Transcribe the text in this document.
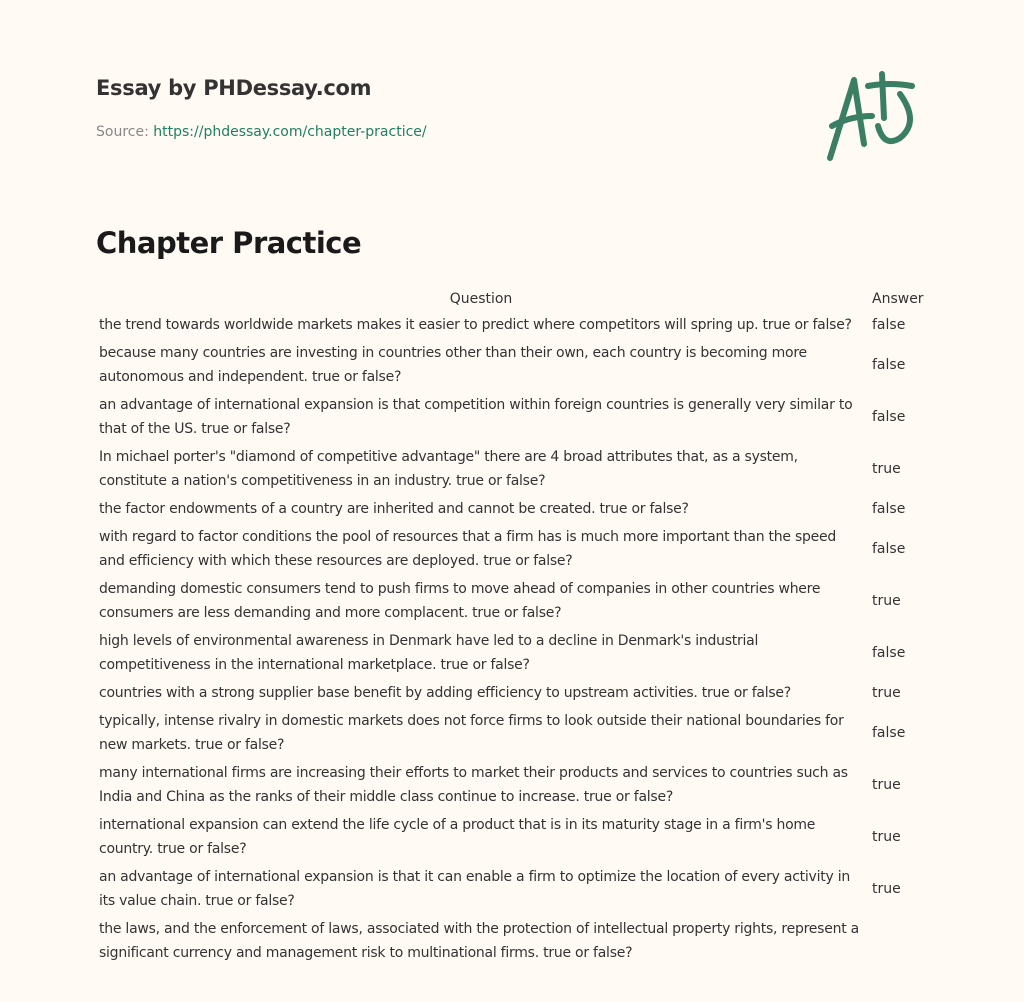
Essay by PHDessay.com
Source: https://phdessay.com/chapter-practice/
Chapter Practice
Question	Answer
the trend towards worldwide markets makes it easier to predict where competitors will spring up. true or false?	false
because many countries are investing in countries other than their own, each country is becoming more autonomous and independent. true or false?	false
an advantage of international expansion is that competition within foreign countries is generally very similar to that of the US. true or false?	false
In michael porter's "diamond of competitive advantage" there are 4 broad attributes that, as a system, constitute a nation's competitiveness in an industry. true or false?	true
the factor endowments of a country are inherited and cannot be created. true or false?	false
with regard to factor conditions the pool of resources that a firm has is much more important than the speed and efficiency with which these resources are deployed. true or false?	false
demanding domestic consumers tend to push firms to move ahead of companies in other countries where consumers are less demanding and more complacent. true or false?	true
high levels of environmental awareness in Denmark have led to a decline in Denmark's industrial competitiveness in the international marketplace. true or false?	false
countries with a strong supplier base benefit by adding efficiency to upstream activities. true or false?	true
typically, intense rivalry in domestic markets does not force firms to look outside their national boundaries for new markets. true or false?	false
many international firms are increasing their efforts to market their products and services to countries such as India and China as the ranks of their middle class continue to increase. true or false?	true
international expansion can extend the life cycle of a product that is in its maturity stage in a firm's home country. true or false?	true
an advantage of international expansion is that it can enable a firm to optimize the location of every activity in its value chain. true or false?	true
the laws, and the enforcement of laws, associated with the protection of intellectual property rights, represent a significant currency and management risk to multinational firms. true or false?	
